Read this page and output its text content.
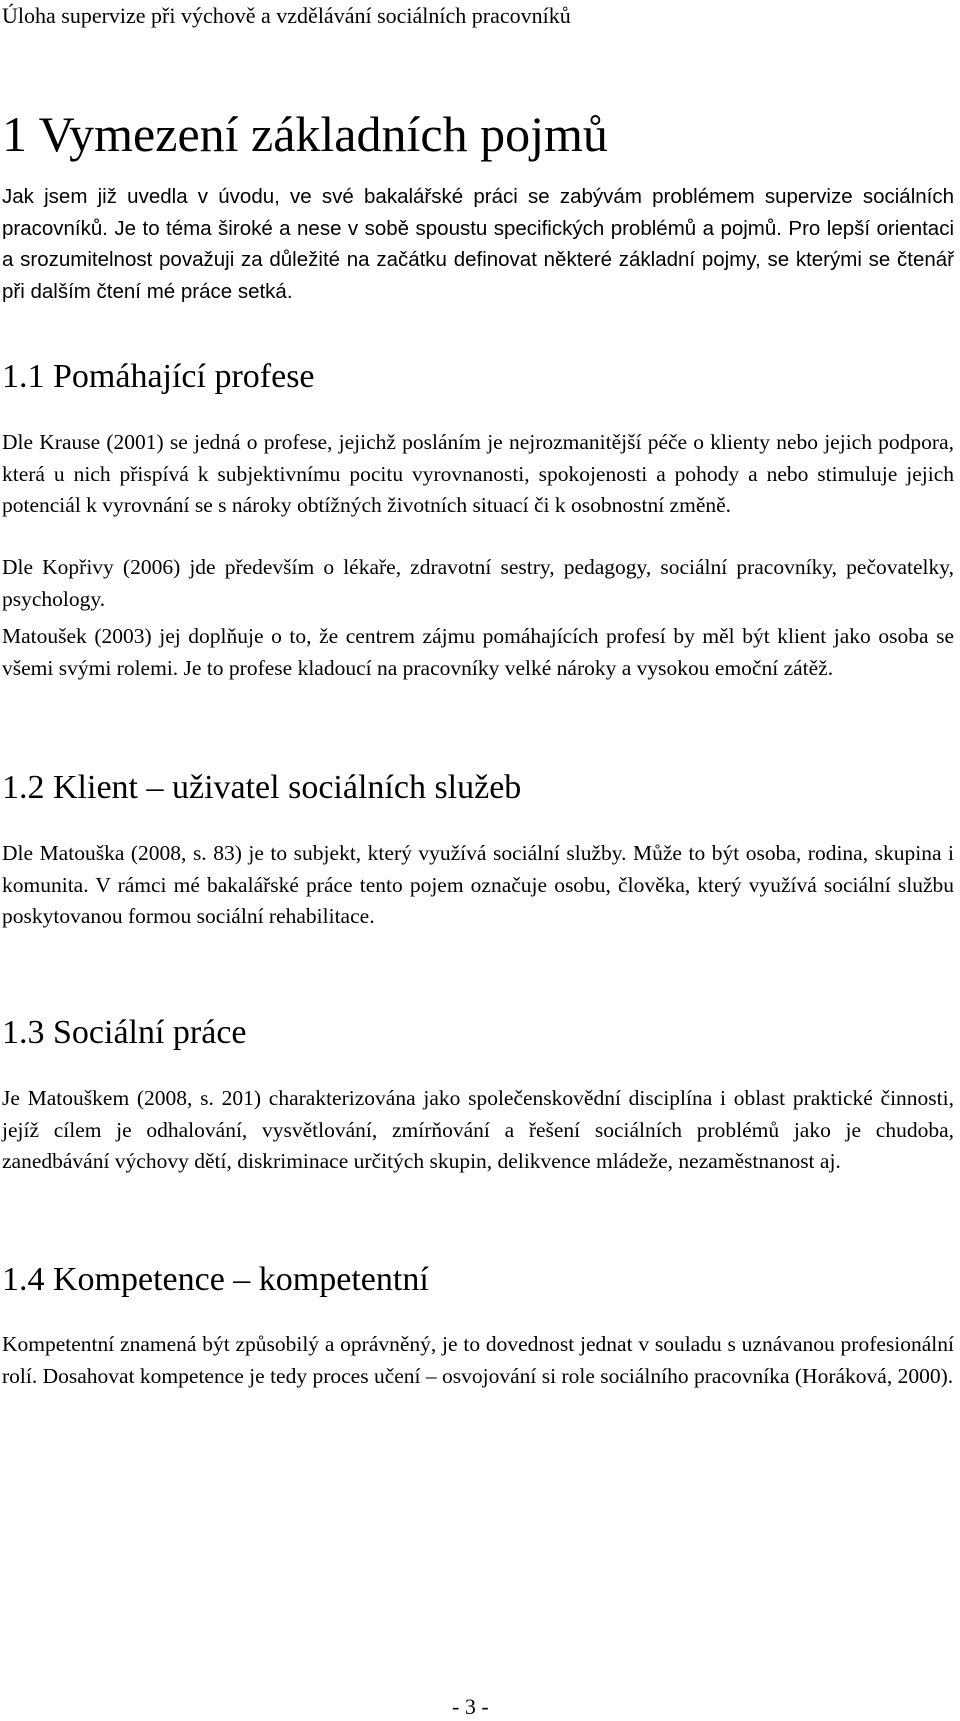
Úloha supervize při výchově a vzdělávání sociálních pracovníků
1 Vymezení základních pojmů

Jak jsem již uvedla v úvodu, ve své bakalářské práci se zabývám problémem supervize sociálních pracovníků. Je to téma široké a nese v sobě spoustu specifických problémů a pojmů. Pro lepší orientaci a srozumitelnost považuji za důležité na začátku definovat některé základní pojmy, se kterými se čtenář při dalším čtení mé práce setká.

1.1 Pomáhající profese

Dle Krause (2001) se jedná o profese, jejichž posláním je nejrozmanitější péče o klienty nebo jejich podpora, která u nich přispívá k subjektivnímu pocitu vyrovnanosti, spokojenosti a pohody a nebo stimuluje jejich potenciál k vyrovnání se s nároky obtížných životních situací či k osobnostní změně.

Dle Kopřivy (2006) jde především o lékaře, zdravotní sestry, pedagogy, sociální pracovníky, pečovatelky, psychology.

Matoušek (2003) jej doplňuje o to, že centrem zájmu pomáhajících profesí by měl být klient jako osoba se všemi svými rolemi. Je to profese kladoucí na pracovníky velké nároky a vysokou emoční zátěž.

1.2 Klient – uživatel sociálních služeb

Dle Matouška (2008, s. 83) je to subjekt, který využívá sociální služby. Může to být osoba, rodina, skupina i komunita. V rámci mé bakalářské práce tento pojem označuje osobu, člověka, který využívá sociální službu poskytovanou formou sociální rehabilitace.

1.3 Sociální práce

Je Matouškem (2008, s. 201) charakterizována jako společenskovědní disciplína i oblast praktické činnosti, jejíž cílem je odhalování, vysvětlování, zmírňování a řešení sociálních problémů jako je chudoba, zanedbávání výchovy dětí, diskriminace určitých skupin, delikvence mládeže, nezaměstnanost aj.

1.4 Kompetence – kompetentní

Kompetentní znamená být způsobilý a oprávněný, je to dovednost jednat v souladu s uznávanou profesionální rolí. Dosahovat kompetence je tedy proces učení – osvojování si role sociálního pracovníka (Horáková, 2000).

- 3 -
